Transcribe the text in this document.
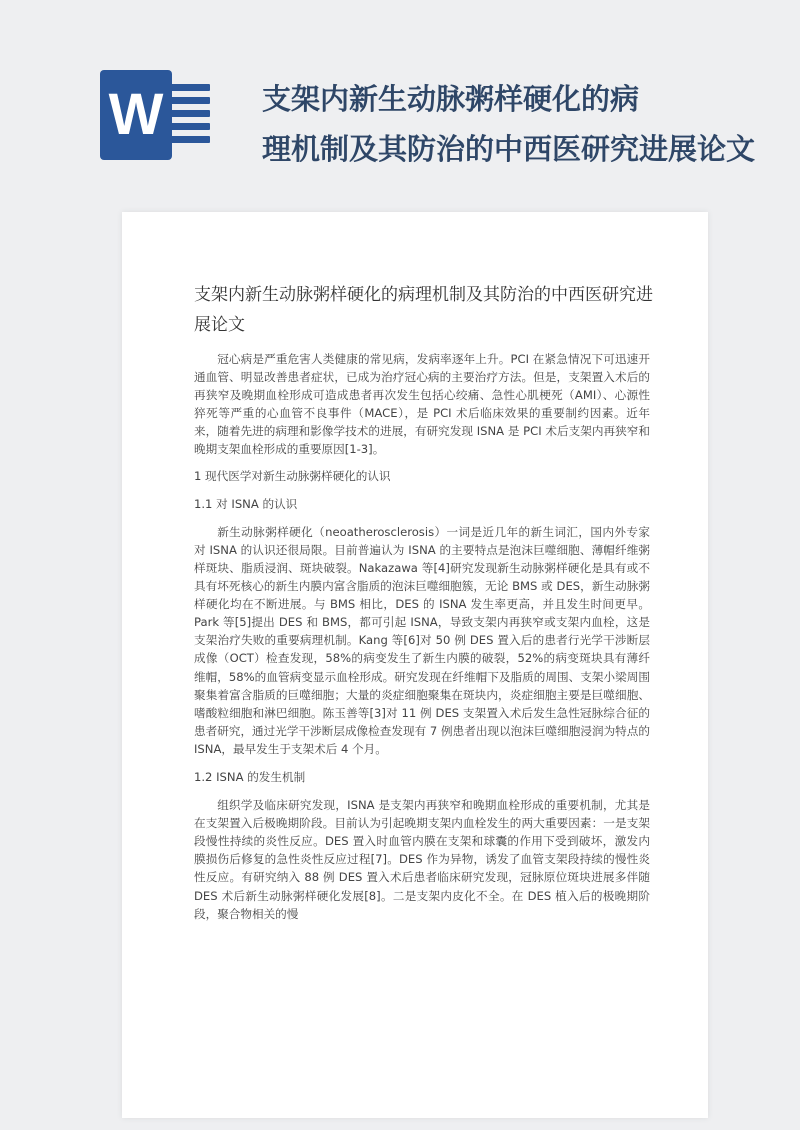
W	支架内新生动脉粥样硬化的病
理机制及其防治的中西医研究进展论文
支架内新生动脉粥样硬化的病理机制及其防治的中西医研究进展论文

冠心病是严重危害人类健康的常见病，发病率逐年上升。PCI 在紧急情况下可迅速开通血管、明显改善患者症状，已成为治疗冠心病的主要治疗方法。但是，支架置入术后的再狭窄及晚期血栓形成可造成患者再次发生包括心绞痛、急性心肌梗死（AMI）、心源性猝死等严重的心血管不良事件（MACE），是 PCI 术后临床效果的重要制约因素。近年来，随着先进的病理和影像学技术的进展，有研究发现 ISNA 是 PCI 术后支架内再狭窄和晚期支架血栓形成的重要原因[1-3]。

1 现代医学对新生动脉粥样硬化的认识

1.1 对 ISNA 的认识

新生动脉粥样硬化（neoatherosclerosis）一词是近几年的新生词汇，国内外专家对 ISNA 的认识还很局限。目前普遍认为 ISNA 的主要特点是泡沫巨噬细胞、薄帽纤维粥样斑块、脂质浸润、斑块破裂。Nakazawa 等[4]研究发现新生动脉粥样硬化是具有或不具有坏死核心的新生内膜内富含脂质的泡沫巨噬细胞簇，无论 BMS 或 DES，新生动脉粥样硬化均在不断进展。与 BMS 相比，DES 的 ISNA 发生率更高，并且发生时间更早。Park 等[5]提出 DES 和 BMS，都可引起 ISNA，导致支架内再狭窄或支架内血栓，这是支架治疗失败的重要病理机制。Kang 等[6]对 50 例 DES 置入后的患者行光学干涉断层成像（OCT）检查发现，58%的病变发生了新生内膜的破裂，52%的病变斑块具有薄纤维帽，58%的血管病变显示血栓形成。研究发现在纤维帽下及脂质的周围、支架小梁周围聚集着富含脂质的巨噬细胞；大量的炎症细胞聚集在斑块内，炎症细胞主要是巨噬细胞、嗜酸粒细胞和淋巴细胞。陈玉善等[3]对 11 例 DES 支架置入术后发生急性冠脉综合征的患者研究，通过光学干涉断层成像检查发现有 7 例患者出现以泡沫巨噬细胞浸润为特点的 ISNA，最早发生于支架术后 4 个月。

1.2 ISNA 的发生机制

组织学及临床研究发现，ISNA 是支架内再狭窄和晚期血栓形成的重要机制，尤其是在支架置入后极晚期阶段。目前认为引起晚期支架内血栓发生的两大重要因素：一是支架段慢性持续的炎性反应。DES 置入时血管内膜在支架和球囊的作用下受到破坏，激发内膜损伤后修复的急性炎性反应过程[7]。DES 作为异物，诱发了血管支架段持续的慢性炎性反应。有研究纳入 88 例 DES 置入术后患者临床研究发现，冠脉原位斑块进展多伴随 DES 术后新生动脉粥样硬化发展[8]。二是支架内皮化不全。在 DES 植入后的极晚期阶段，聚合物相关的慢
